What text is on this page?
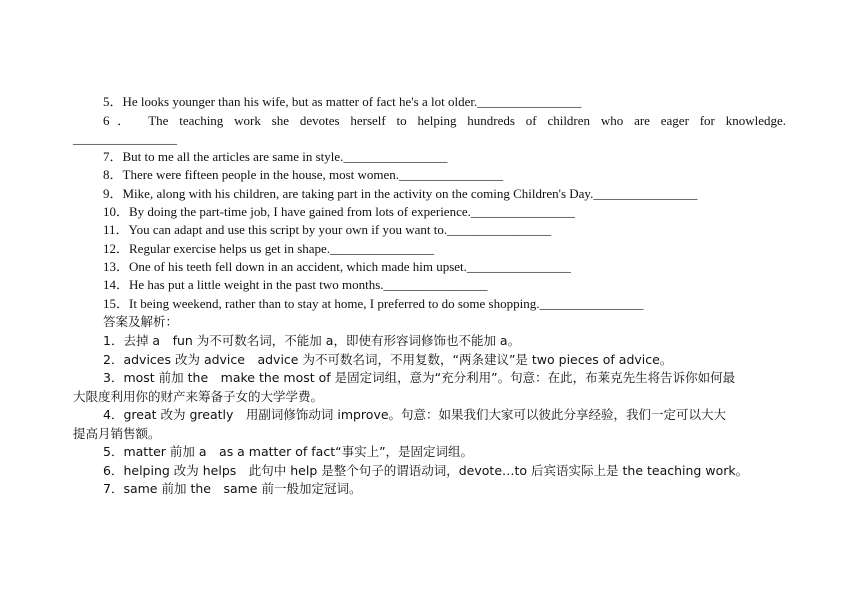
5．He looks younger than his wife, but as matter of fact he's a lot older.________________
6． The teaching work she devotes herself to helping hundreds of children who are eager for knowledge.
________________
7．But to me all the articles are same in style.________________
8．There were fifteen people in the house, most women.________________
9．Mike, along with his children, are taking part in the activity on the coming Children's Day.________________
10．By doing the part-time job, I have gained from lots of experience.________________
11．You can adapt and use this script by your own if you want to.________________
12．Regular exercise helps us get in shape.________________
13．One of his teeth fell down in an accident, which made him upset.________________
14．He has put a little weight in the past two months.________________
15．It being weekend, rather than to stay at home, I preferred to do some shopping.________________
答案及解析：
1．去掉 a　fun 为不可数名词，不能加 a，即使有形容词修饰也不能加 a。
2．advices 改为 advice　advice 为不可数名词，不用复数，“两条建议”是 two pieces of advice。
3．most 前加 the　make the most of 是固定词组，意为“充分利用”。句意：在此，布莱克先生将告诉你如何最
大限度利用你的财产来筹备子女的大学学费。
4．great 改为 greatly　用副词修饰动词 improve。句意：如果我们大家可以彼此分享经验，我们一定可以大大
提高月销售额。
5．matter 前加 a　as a matter of fact“事实上”，是固定词组。
6．helping 改为 helps　此句中 help 是整个句子的谓语动词，devote…to 后宾语实际上是 the teaching work。
7．same 前加 the　same 前一般加定冠词。
